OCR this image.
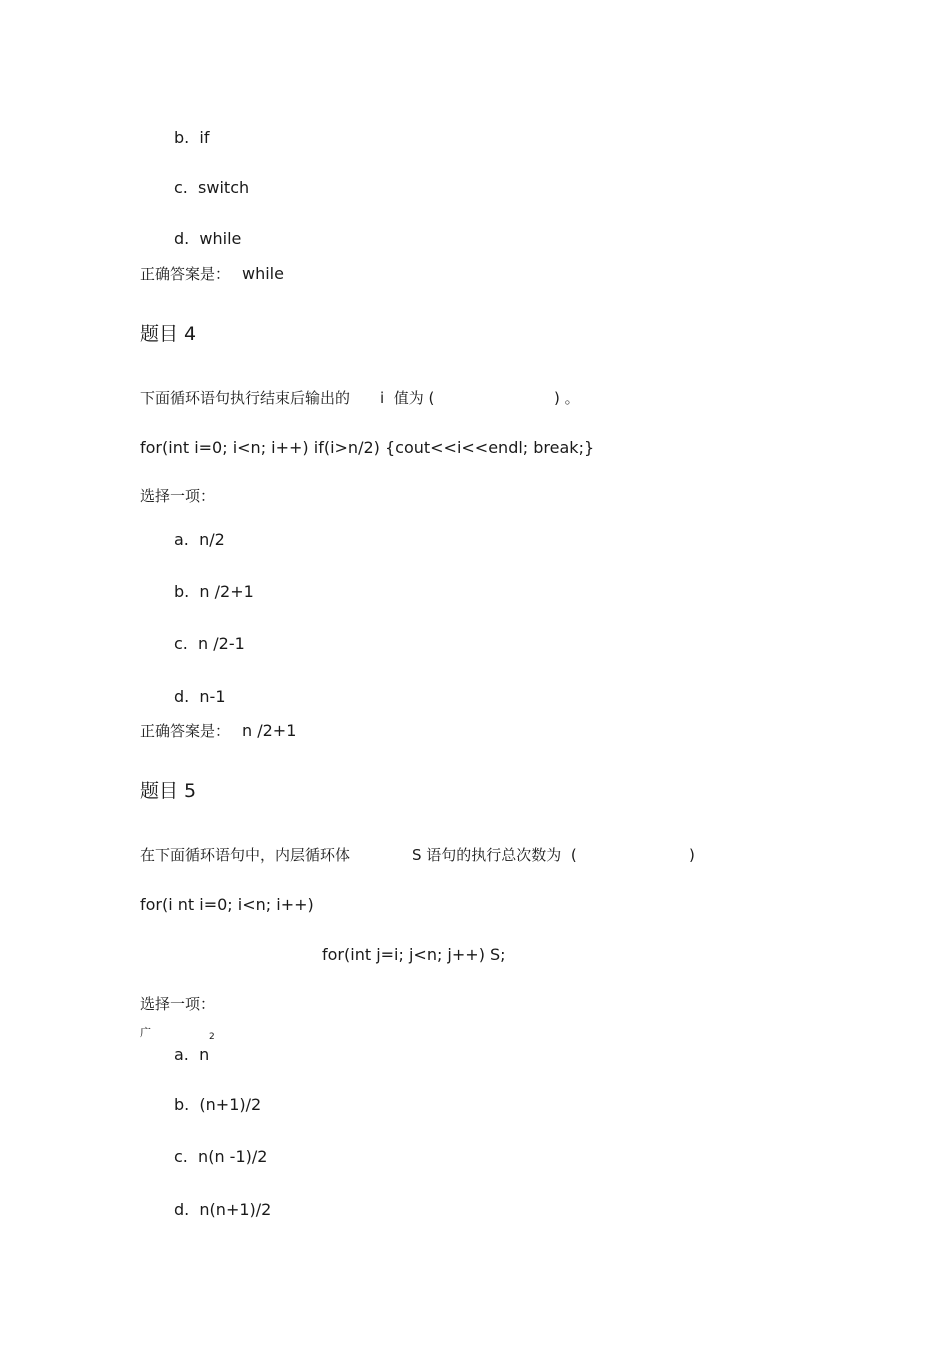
b.  if
c.  switch
d.  while
正确答案是： while
题目 4
下面循环语句执行结束后输出的 i  值为 (	) 。
for(int i=0; i<n; i++) if(i>n/2) {cout<<i<<endl; break;}
选择一项：
a.  n/2
b.  n /2+1
c.  n /2-1
d.  n-1
正确答案是： n /2+1
题目 5
在下面循环语句中，内层循环体	S 语句的执行总次数为  (	)
for(i nt i=0; i<n; i++)
for(int j=i; j<n; j++) S;
选择一项：
广	2
a.  n
b.  (n+1)/2
c.  n(n -1)/2
d.  n(n+1)/2
